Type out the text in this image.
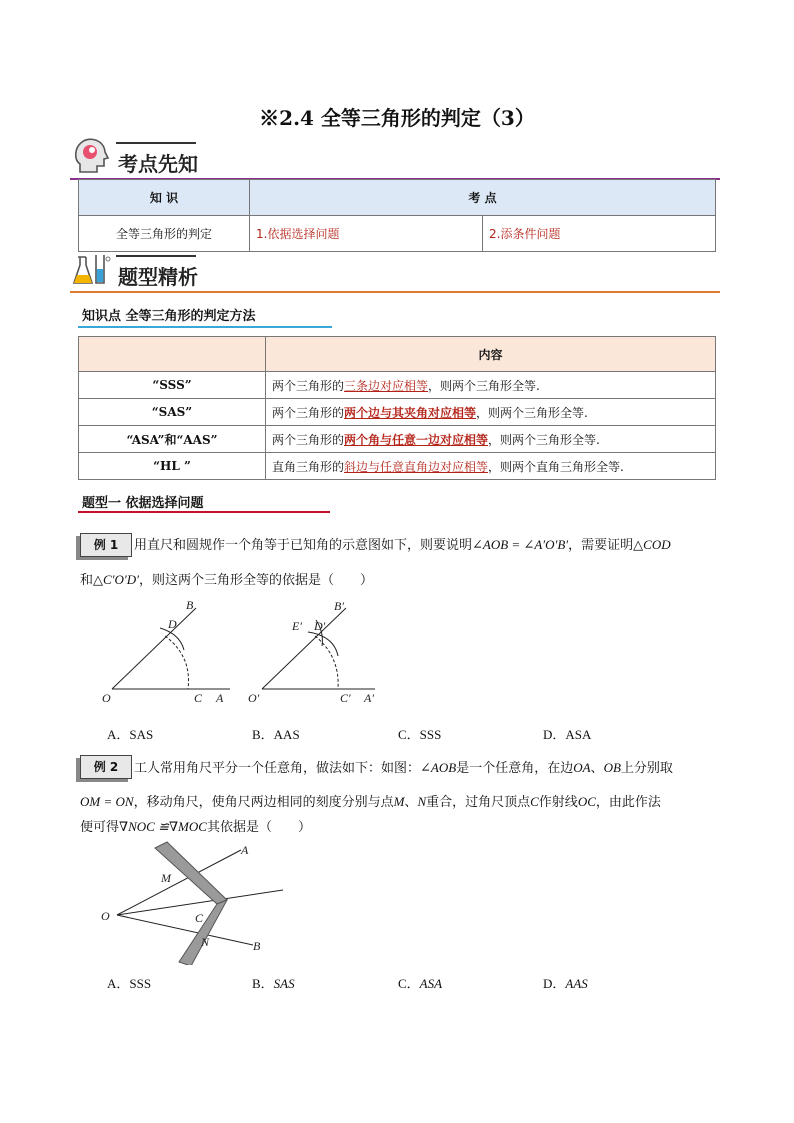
※2.4 全等三角形的判定（3）
考点先知
知 识	考 点	
全等三角形的判定	1.依据选择问题	2.添条件问题
题型精析
知识点 全等三角形的判定方法
	内容
“SSS”	两个三角形的三条边对应相等，则两个三角形全等.
“SAS”	两个三角形的两个边与其夹角对应相等，则两个三角形全等.
“ASA”和“AAS”	两个三角形的两个角与任意一边对应相等，则两个三角形全等.
“HL ”	直角三角形的斜边与任意直角边对应相等，则两个直角三角形全等.
题型一 依据选择问题
例 1	用直尺和圆规作一个角等于已知角的示意图如下，则要说明∠AOB = ∠A′O′B′，需要证明△COD
和△C′O′D′，则这两个三角形全等的依据是（　　）
B
D
O	C A
B′
E′ D′
O′	C′ A′
A．SAS	B．AAS	C．SSS	D．ASA
例 2	工人常用角尺平分一个任意角，做法如下：如图：∠AOB是一个任意角，在边OA、OB上分别取
OM = ON，移动角尺，使角尺两边相同的刻度分别与点M、N重合，过角尺顶点C作射线OC，由此作法
便可得∇NOC ≌∇MOC其依据是（　　）
A
M
O	C
N	B
A．SSS	B．SAS	C．ASA	D．AAS
